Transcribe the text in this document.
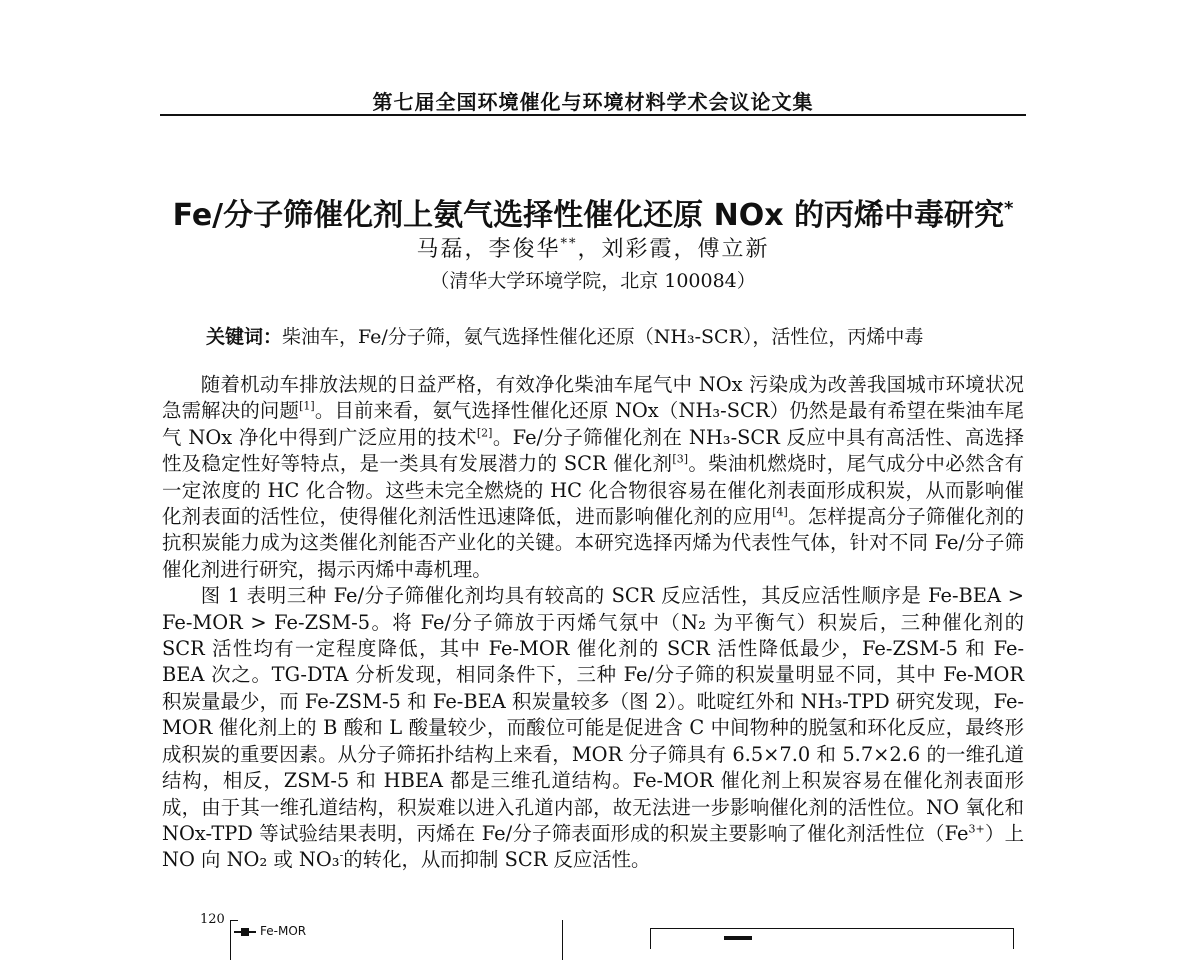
第七届全国环境催化与环境材料学术会议论文集
Fe/分子筛催化剂上氨气选择性催化还原 NOx 的丙烯中毒研究*
马磊，李俊华**，刘彩霞，傅立新
（清华大学环境学院，北京 100084）
关键词：柴油车，Fe/分子筛，氨气选择性催化还原（NH₃-SCR），活性位，丙烯中毒

随着机动车排放法规的日益严格，有效净化柴油车尾气中 NOx 污染成为改善我国城市环境状况急需解决的问题[1]。目前来看，氨气选择性催化还原 NOx（NH₃-SCR）仍然是最有希望在柴油车尾气 NOx 净化中得到广泛应用的技术[2]。Fe/分子筛催化剂在 NH₃-SCR 反应中具有高活性、高选择性及稳定性好等特点，是一类具有发展潜力的 SCR 催化剂[3]。柴油机燃烧时，尾气成分中必然含有一定浓度的 HC 化合物。这些未完全燃烧的 HC 化合物很容易在催化剂表面形成积炭，从而影响催化剂表面的活性位，使得催化剂活性迅速降低，进而影响催化剂的应用[4]。怎样提高分子筛催化剂的抗积炭能力成为这类催化剂能否产业化的关键。本研究选择丙烯为代表性气体，针对不同 Fe/分子筛催化剂进行研究，揭示丙烯中毒机理。

图 1 表明三种 Fe/分子筛催化剂均具有较高的 SCR 反应活性，其反应活性顺序是 Fe-BEA > Fe-MOR > Fe-ZSM-5。将 Fe/分子筛放于丙烯气氛中（N₂ 为平衡气）积炭后，三种催化剂的 SCR 活性均有一定程度降低，其中 Fe-MOR 催化剂的 SCR 活性降低最少，Fe-ZSM-5 和 Fe-BEA 次之。TG-DTA 分析发现，相同条件下，三种 Fe/分子筛的积炭量明显不同，其中 Fe-MOR 积炭量最少，而 Fe-ZSM-5 和 Fe-BEA 积炭量较多（图 2）。吡啶红外和 NH₃-TPD 研究发现，Fe-MOR 催化剂上的 B 酸和 L 酸量较少，而酸位可能是促进含 C 中间物种的脱氢和环化反应，最终形成积炭的重要因素。从分子筛拓扑结构上来看，MOR 分子筛具有 6.5×7.0 和 5.7×2.6 的一维孔道结构，相反，ZSM-5 和 HBEA 都是三维孔道结构。Fe-MOR 催化剂上积炭容易在催化剂表面形成，由于其一维孔道结构，积炭难以进入孔道内部，故无法进一步影响催化剂的活性位。NO 氧化和 NOx-TPD 等试验结果表明，丙烯在 Fe/分子筛表面形成的积炭主要影响了催化剂活性位$(Fe^{3+})$上 NO 向 NO₂ 或 NO₃-的转化，从而抑制 SCR 反应活性。

120
Fe-MOR
